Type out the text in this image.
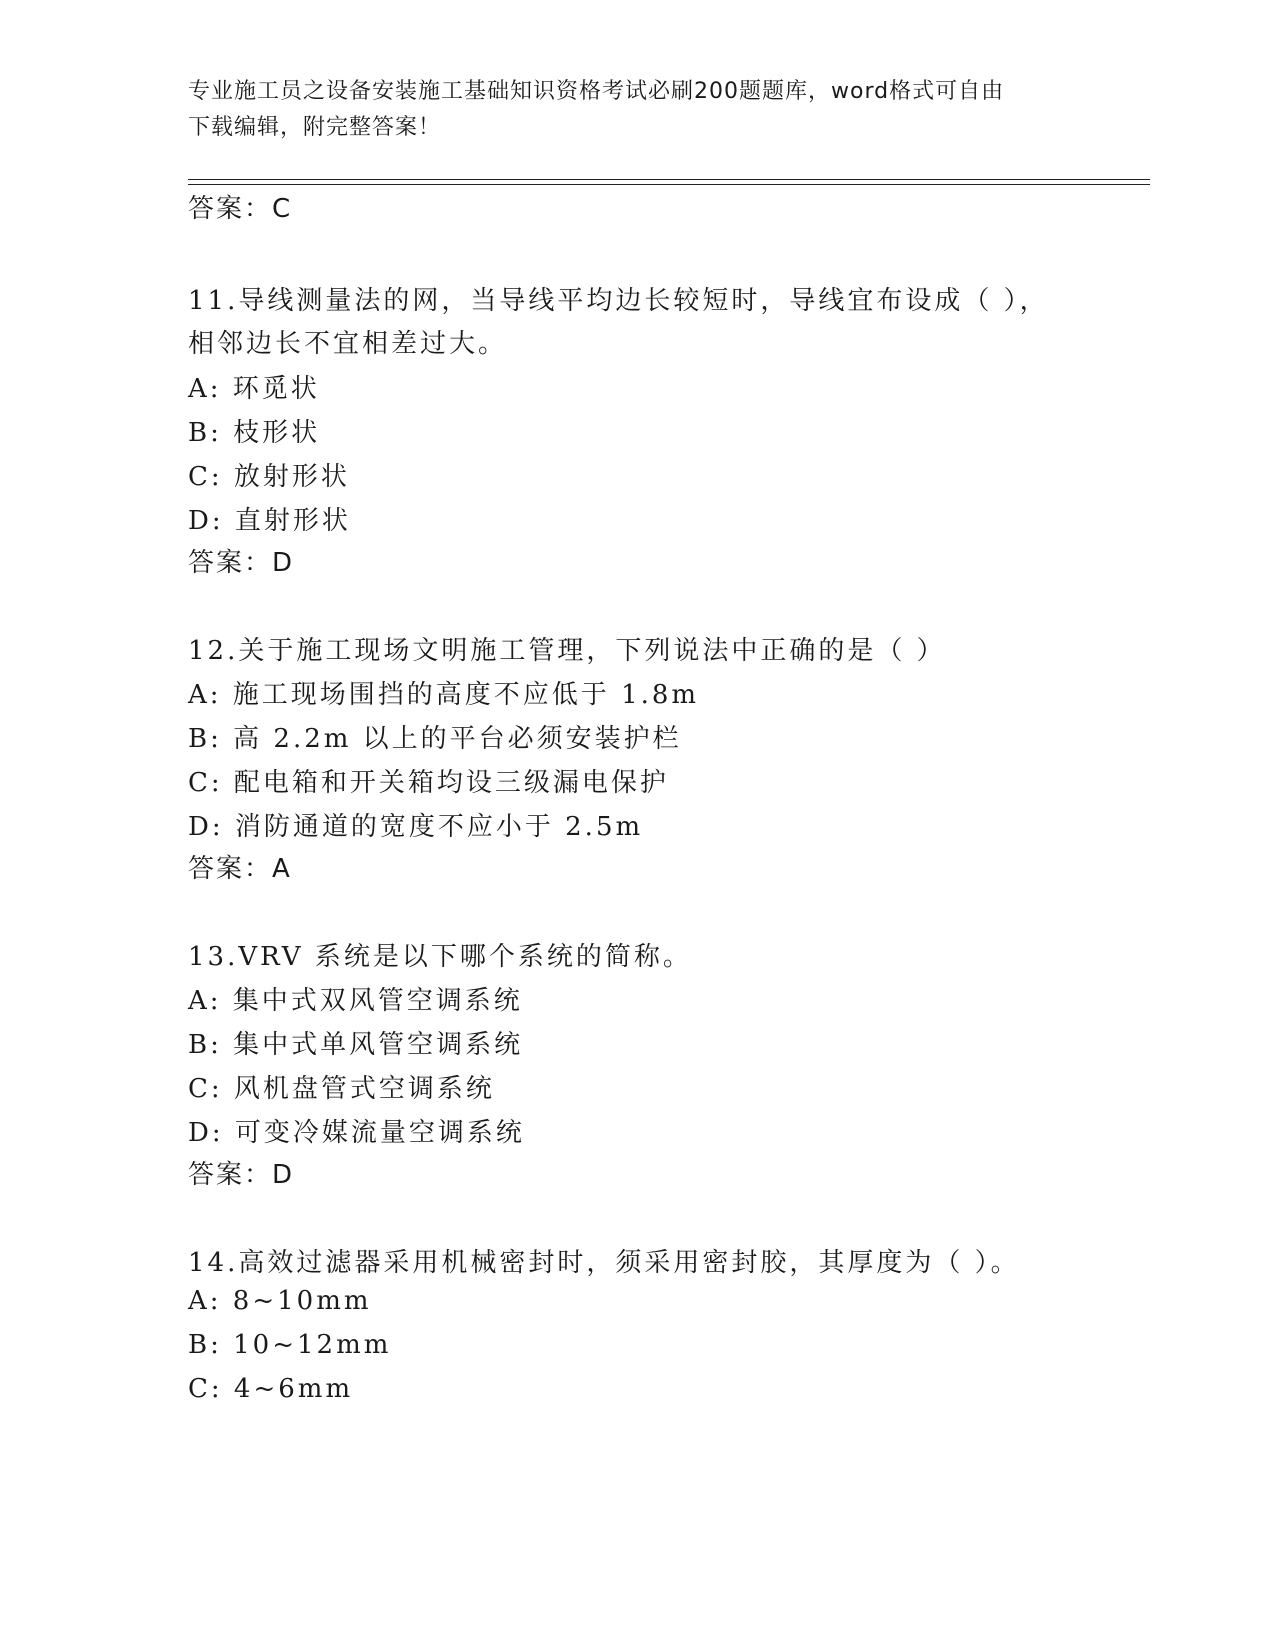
专业施工员之设备安装施工基础知识资格考试必刷200题题库，word格式可自由
下载编辑，附完整答案！
答案：C
11.导线测量法的网，当导线平均边长较短时，导线宜布设成（ ），
相邻边长不宜相差过大。
A: 环觅状
B: 枝形状
C: 放射形状
D: 直射形状
答案：D
12.关于施工现场文明施工管理，下列说法中正确的是（ ）
A: 施工现场围挡的高度不应低于 1.8m
B: 高 2.2m 以上的平台必须安装护栏
C: 配电箱和开关箱均设三级漏电保护
D: 消防通道的宽度不应小于 2.5m
答案：A
13.VRV 系统是以下哪个系统的简称。
A: 集中式双风管空调系统
B: 集中式单风管空调系统
C: 风机盘管式空调系统
D: 可变冷媒流量空调系统
答案：D
14.高效过滤器采用机械密封时，须采用密封胶，其厚度为（ ）。
A: 8~10mm
B: 10~12mm
C: 4~6mm
